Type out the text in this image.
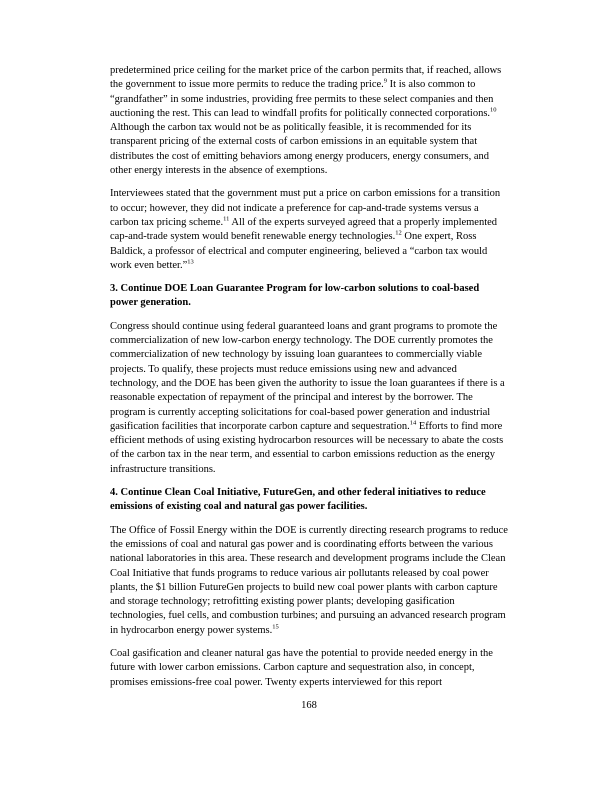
predetermined price ceiling for the market price of the carbon permits that, if reached, allows the government to issue more permits to reduce the trading price.$^9$ It is also common to “grandfather” in some industries, providing free permits to these select companies and then auctioning the rest. This can lead to windfall profits for politically connected corporations.$^{10}$ Although the carbon tax would not be as politically feasible, it is recommended for its transparent pricing of the external costs of carbon emissions in an equitable system that distributes the cost of emitting behaviors among energy producers, energy consumers, and other energy interests in the absence of exemptions.

Interviewees stated that the government must put a price on carbon emissions for a transition to occur; however, they did not indicate a preference for cap-and-trade systems versus a carbon tax pricing scheme.$^{11}$ All of the experts surveyed agreed that a properly implemented cap-and-trade system would benefit renewable energy technologies.$^{12}$ One expert, Ross Baldick, a professor of electrical and computer engineering, believed a “carbon tax would work even better.”$^{13}$

3. Continue DOE Loan Guarantee Program for low-carbon solutions to coal-based power generation.

Congress should continue using federal guaranteed loans and grant programs to promote the commercialization of new low-carbon energy technology. The DOE currently promotes the commercialization of new technology by issuing loan guarantees to commercially viable projects. To qualify, these projects must reduce emissions using new and advanced technology, and the DOE has been given the authority to issue the loan guarantees if there is a reasonable expectation of repayment of the principal and interest by the borrower. The program is currently accepting solicitations for coal-based power generation and industrial gasification facilities that incorporate carbon capture and sequestration.$^{14}$ Efforts to find more efficient methods of using existing hydrocarbon resources will be necessary to abate the costs of the carbon tax in the near term, and essential to carbon emissions reduction as the energy infrastructure transitions.

4. Continue Clean Coal Initiative, FutureGen, and other federal initiatives to reduce emissions of existing coal and natural gas power facilities.

The Office of Fossil Energy within the DOE is currently directing research programs to reduce the emissions of coal and natural gas power and is coordinating efforts between the various national laboratories in this area. These research and development programs include the Clean Coal Initiative that funds programs to reduce various air pollutants released by coal power plants, the $1 billion FutureGen projects to build new coal power plants with carbon capture and storage technology; retrofitting existing power plants; developing gasification technologies, fuel cells, and combustion turbines; and pursuing an advanced research program in hydrocarbon energy power systems.$^{15}$

Coal gasification and cleaner natural gas have the potential to provide needed energy in the future with lower carbon emissions. Carbon capture and sequestration also, in concept, promises emissions-free coal power. Twenty experts interviewed for this report

168
